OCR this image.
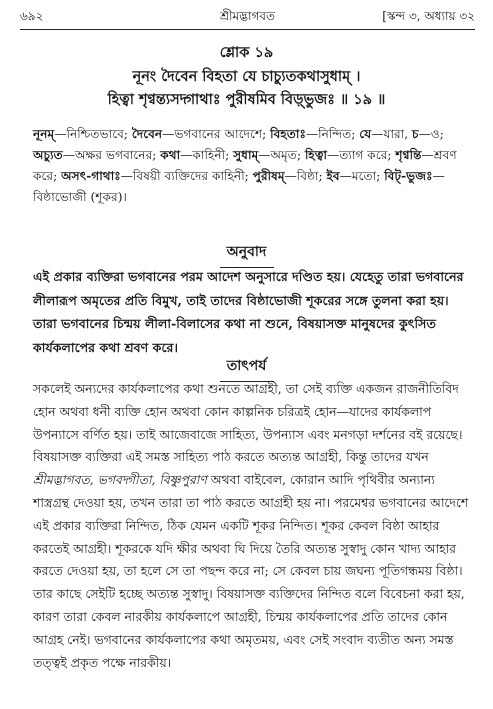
৬৯২	শ্রীমদ্ভাগবত	[স্কন্দ ৩, অধ্যায় ৩২
শ্লোক ১৯
নূনং দৈবেন বিহতা যে চাচ্যুতকথাসুধাম্ ।
হিত্বা শৃণ্বন্ত্যসদ্গাথাঃ পুরীষমিব বিড়্ভুজঃ ॥ ১৯ ॥

নূনম্—নিশ্চিতভাবে; দৈবেন—ভগবানের আদেশে; বিহতাঃ—নিন্দিত; যে—যারা, চ—ও; অচ্যুত—অক্ষর ভগবানের; কথা—কাহিনী; সুধাম্—অমৃত; হিত্বা—ত্যাগ করে; শৃণ্বন্তি—শ্রবণ করে; অসৎ-গাথাঃ—বিষয়ী ব্যক্তিদের কাহিনী; পুরীষম্—বিষ্ঠা; ইব—মতো; বিট্-ভুজঃ—বিষ্ঠাভোজী (শূকর)।

অনুবাদ

এই প্রকার ব্যক্তিরা ভগবানের পরম আদেশ অনুসারে দণ্ডিত হয়। যেহেতু তারা ভগবানের লীলারূপ অমৃতের প্রতি বিমুখ, তাই তাদের বিষ্ঠাভোজী শূকরের সঙ্গে তুলনা করা হয়। তারা ভগবানের চিন্ময় লীলা-বিলাসের কথা না শুনে, বিষয়াসক্ত মানুষদের কুৎসিত কার্যকলাপের কথা শ্রবণ করে।

তাৎপর্য

সকলেই অন্যদের কার্যকলাপের কথা শুনতে আগ্রহী, তা সেই ব্যক্তি একজন রাজনীতিবিদ হোন অথবা ধনী ব্যক্তি হোন অথবা কোন কাল্পনিক চরিত্রই হোন—যাদের কার্যকলাপ উপন্যাসে বর্ণিত হয়। তাই আজেবাজে সাহিত্য, উপন্যাস এবং মনগড়া দর্শনের বই রয়েছে। বিষয়াসক্ত ব্যক্তিরা এই সমস্ত সাহিত্য পাঠ করতে অত্যন্ত আগ্রহী, কিন্তু তাদের যখন শ্রীমদ্ভাগবত, ভগবদ্গীতা, বিষ্ণুপুরাণ অথবা বাইবেল, কোরান আদি পৃথিবীর অন্যান্য শাস্ত্রগ্রন্থ দেওয়া হয়, তখন তারা তা পাঠ করতে আগ্রহী হয় না। পরমেশ্বর ভগবানের আদেশে এই প্রকার ব্যক্তিরা নিন্দিত, ঠিক যেমন একটি শূকর নিন্দিত। শূকর কেবল বিষ্ঠা আহার করতেই আগ্রহী। শূকরকে যদি ক্ষীর অথবা ঘি দিয়ে তৈরি অত্যন্ত সুস্বাদু কোন খাদ্য আহার করতে দেওয়া হয়, তা হলে সে তা পছন্দ করে না; সে কেবল চায় জঘন্য পূতিগন্ধময় বিষ্ঠা। তার কাছে সেইটি হচ্ছে অত্যন্ত সুস্বাদু। বিষয়াসক্ত ব্যক্তিদের নিন্দিত বলে বিবেচনা করা হয়, কারণ তারা কেবল নারকীয় কার্যকলাপে আগ্রহী, চিন্ময় কার্যকলাপের প্রতি তাদের কোন আগ্রহ নেই। ভগবানের কার্যকলাপের কথা অমৃতময়, এবং সেই সংবাদ ব্যতীত অন্য সমস্ত তত্ত্বই প্রকৃত পক্ষে নারকীয়।
